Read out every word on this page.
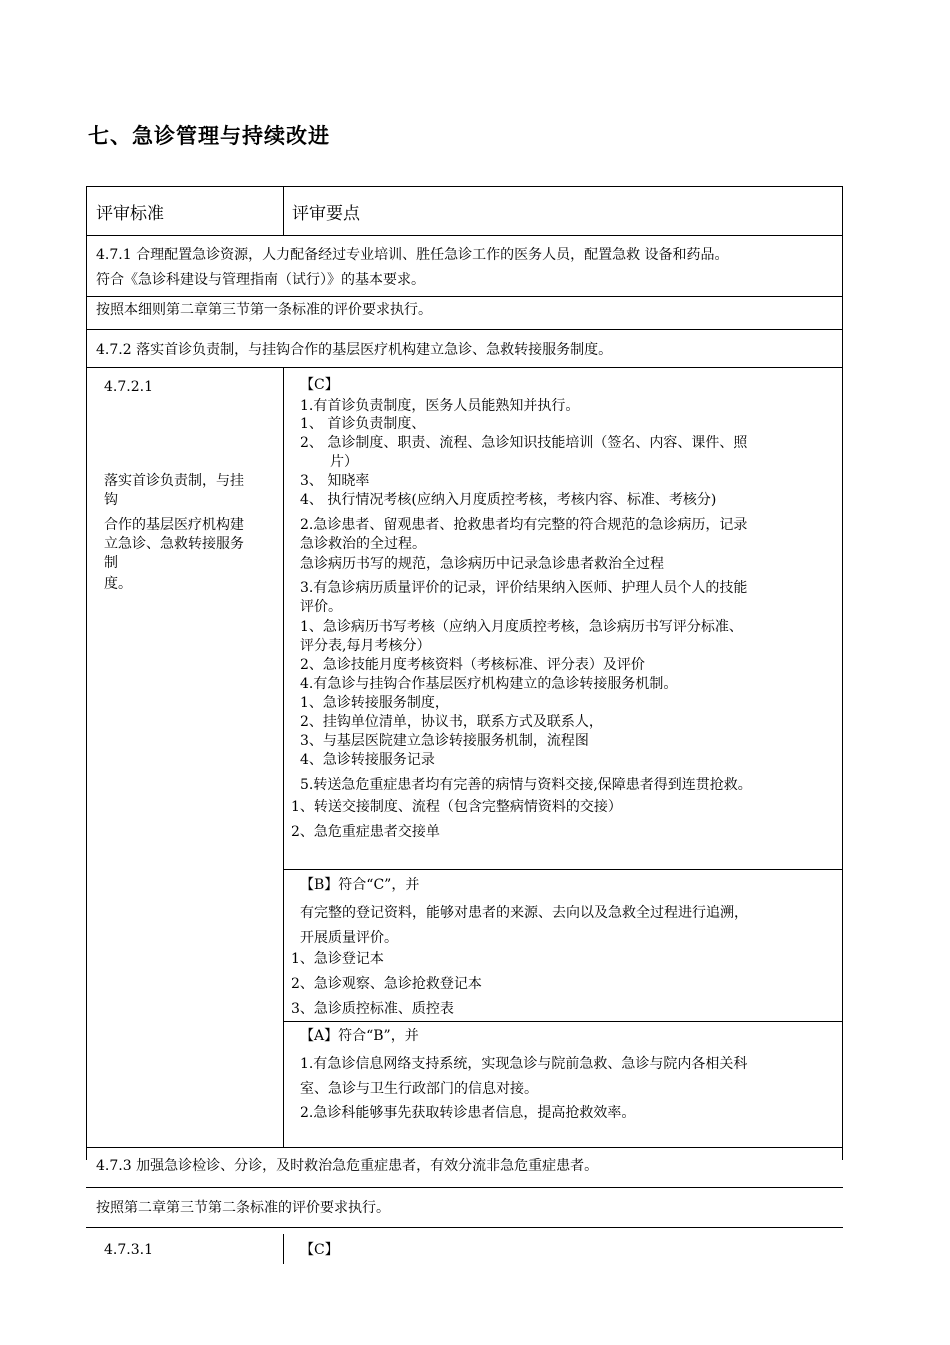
七、急诊管理与持续改进
评审标准	评审要点
4.7.1 合理配置急诊资源，人力配备经过专业培训、胜任急诊工作的医务人员，配置急救 设备和药品。
符合《急诊科建设与管理指南（试行）》的基本要求。
按照本细则第二章第三节第一条标准的评价要求执行。
4.7.2 落实首诊负责制，与挂钩合作的基层医疗机构建立急诊、急救转接服务制度。
4.7.2.1
落实首诊负责制，与挂
钩
合作的基层医疗机构建
立急诊、急救转接服务
制
度。
【C】
1.有首诊负责制度，医务人员能熟知并执行。
1、 首诊负责制度、
2、 急诊制度、职责、流程、急诊知识技能培训（签名、内容、课件、照
片）
3、 知晓率
4、 执行情况考核(应纳入月度质控考核，考核内容、标准、考核分)
2.急诊患者、留观患者、抢救患者均有完整的符合规范的急诊病历，记录
急诊救治的全过程。
急诊病历书写的规范，急诊病历中记录急诊患者救治全过程
3.有急诊病历质量评价的记录，评价结果纳入医师、护理人员个人的技能
评价。
1、急诊病历书写考核（应纳入月度质控考核，急诊病历书写评分标准、
评分表,每月考核分）
2、急诊技能月度考核资料（考核标准、评分表）及评价
4.有急诊与挂钩合作基层医疗机构建立的急诊转接服务机制。
1、急诊转接服务制度，
2、挂钩单位清单，协议书，联系方式及联系人，
3、与基层医院建立急诊转接服务机制，流程图
4、急诊转接服务记录
5.转送急危重症患者均有完善的病情与资料交接,保障患者得到连贯抢救。
1、转送交接制度、流程（包含完整病情资料的交接）
2、急危重症患者交接单
【B】符合“C”，并
有完整的登记资料，能够对患者的来源、去向以及急救全过程进行追溯，
开展质量评价。
1、急诊登记本
2、急诊观察、急诊抢救登记本
3、急诊质控标准、质控表
【A】符合“B”，并
1.有急诊信息网络支持系统，实现急诊与院前急救、急诊与院内各相关科
室、急诊与卫生行政部门的信息对接。
2.急诊科能够事先获取转诊患者信息，提高抢救效率。
4.7.3 加强急诊检诊、分诊，及时救治急危重症患者，有效分流非急危重症患者。
按照第二章第三节第二条标准的评价要求执行。
4.7.3.1	【C】
